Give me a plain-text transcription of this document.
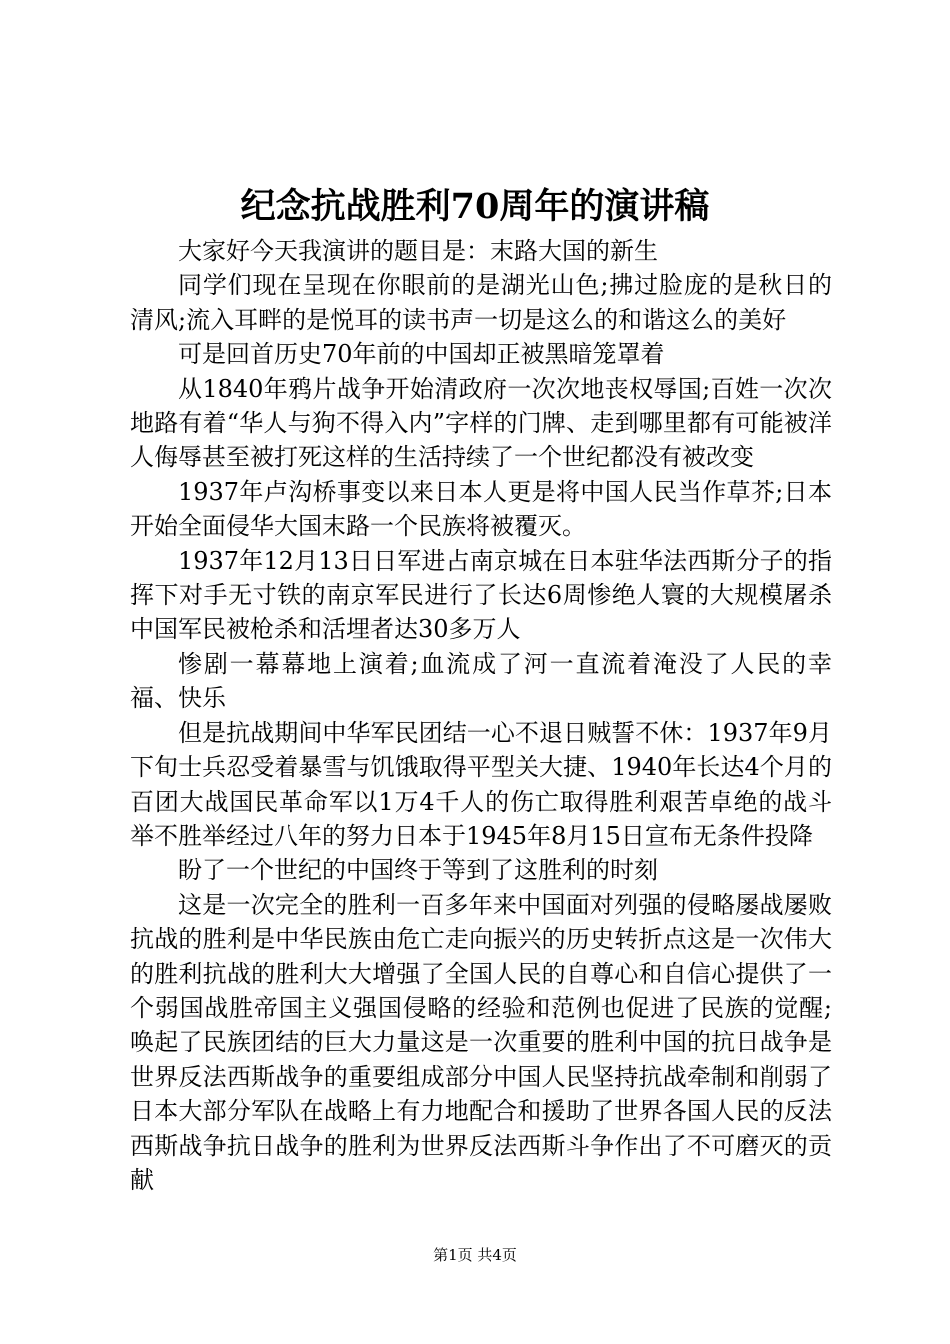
纪念抗战胜利70周年的演讲稿

大家好今天我演讲的题目是：末路大国的新生

同学们现在呈现在你眼前的是湖光山色;拂过脸庞的是秋日的清风;流入耳畔的是悦耳的读书声一切是这么的和谐这么的美好

可是回首历史70年前的中国却正被黑暗笼罩着

从1840年鸦片战争开始清政府一次次地丧权辱国;百姓一次次地路有着“华人与狗不得入内”字样的门牌、走到哪里都有可能被洋人侮辱甚至被打死这样的生活持续了一个世纪都没有被改变

1937年卢沟桥事变以来日本人更是将中国人民当作草芥;日本开始全面侵华大国末路一个民族将被覆灭。

1937年12月13日日军进占南京城在日本驻华法西斯分子的指挥下对手无寸铁的南京军民进行了长达6周惨绝人寰的大规模屠杀中国军民被枪杀和活埋者达30多万人

惨剧一幕幕地上演着;血流成了河一直流着淹没了人民的幸福、快乐

但是抗战期间中华军民团结一心不退日贼誓不休：1937年9月下旬士兵忍受着暴雪与饥饿取得平型关大捷、1940年长达4个月的百团大战国民革命军以1万4千人的伤亡取得胜利艰苦卓绝的战斗举不胜举经过八年的努力日本于1945年8月15日宣布无条件投降

盼了一个世纪的中国终于等到了这胜利的时刻

这是一次完全的胜利一百多年来中国面对列强的侵略屡战屡败抗战的胜利是中华民族由危亡走向振兴的历史转折点这是一次伟大的胜利抗战的胜利大大增强了全国人民的自尊心和自信心提供了一个弱国战胜帝国主义强国侵略的经验和范例也促进了民族的觉醒;唤起了民族团结的巨大力量这是一次重要的胜利中国的抗日战争是世界反法西斯战争的重要组成部分中国人民坚持抗战牵制和削弱了日本大部分军队在战略上有力地配合和援助了世界各国人民的反法西斯战争抗日战争的胜利为世界反法西斯斗争作出了不可磨灭的贡献

第1页 共4页
